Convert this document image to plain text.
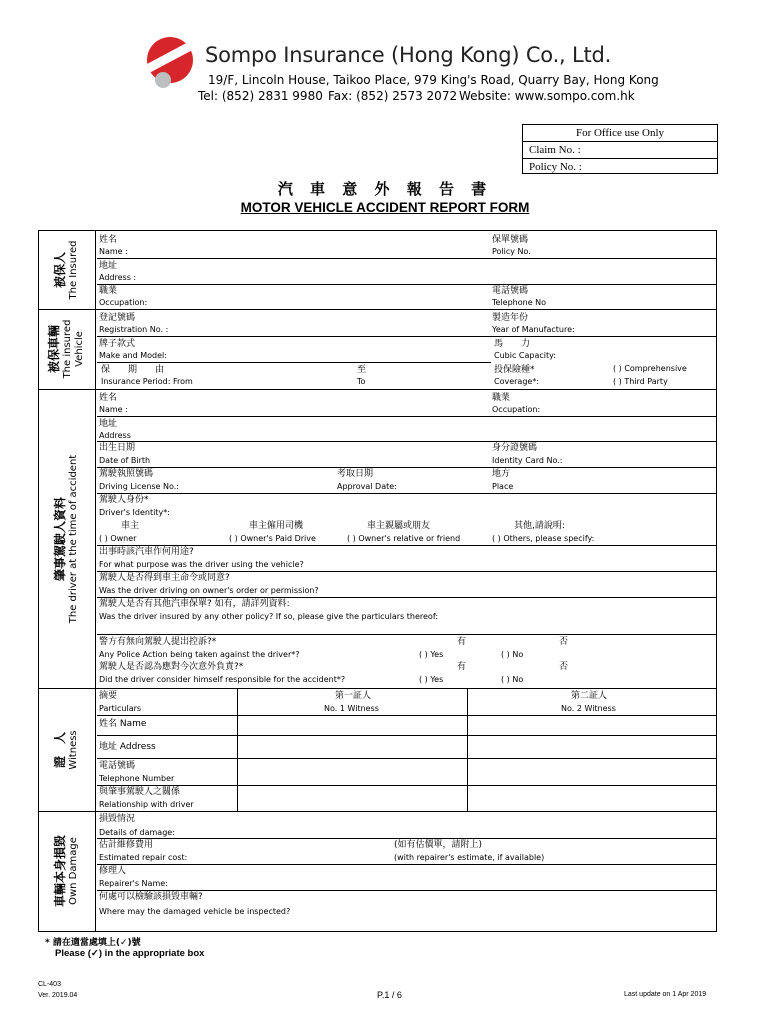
Sompo Insurance (Hong Kong) Co., Ltd.
19/F, Lincoln House, Taikoo Place, 979 King's Road, Quarry Bay, Hong Kong
Tel: (852) 2831 9980 Fax: (852) 2573 2072 Website: www.sompo.com.hk
For Office use Only
Claim No. :
Policy No. :
汽 車 意 外 報 告 書
MOTOR VEHICLE ACCIDENT REPORT FORM
被保人
The Insured
被保車輛
The insured
Vehicle
肇事駕駛人資料
The driver at the time of accident
證　人
Witness
車輛本身損毀
Own Damage
姓名
Name :
保單號碼
Policy No.
地址
Address :
職業
Occupation:
電話號碼
Telephone No
登記號碼
Registration No. :
製造年份
Year of Manufacture:
牌子款式
Make and Model:
馬　　力
Cubic Capacity:
保　　期　　由
Insurance Period: From
至
To
投保險種*
Coverage*:
( ) Comprehensive
( ) Third Party
姓名
Name :
職業
Occupation:
地址
Address
出生日期
Date of Birth
身分證號碼
Identity Card No.:
駕駛執照號碼
Driving License No.:
考取日期
Approval Date:
地方
Place
駕駛人身份*
Driver's Identity*:
車主
( ) Owner
車主僱用司機
( ) Owner's Paid Drive
車主親屬或朋友
( ) Owner's relative or friend
其他,請說明:
( ) Others, please specify:
出事時該汽車作何用途?
For what purpose was the driver using the vehicle?
駕駛人是否得到車主命令或同意?
Was the driver driving on owner's order or permission?
駕駛人是否有其他汽車保單? 如有，請詳列資料:
Was the driver insured by any other policy? If so, please give the particulars thereof:
警方有無向駕駛人提出控訴?*
Any Police Action being taken against the driver*?
有
( ) Yes
否
( ) No
駕駛人是否認為應對今次意外負責?*
Did the driver consider himself responsible for the accident*?
有
( ) Yes
否
( ) No
摘要
Particulars
第一証人
No. 1 Witness
第二証人
No. 2 Witness
姓名 Name
地址 Address
電話號碼
Telephone Number
與肇事駕駛人之關係
Relationship with driver
損毀情況
Details of damage:
估計維修費用
Estimated repair cost:
(如有估價單，請附上)
(with repairer's estimate, if available)
修理人
Repairer's Name:
何處可以檢驗該損毀車輛?
Where may the damaged vehicle be inspected?
* 請在適當處填上(✓)號
Please (✓) in the appropriate box
CL-403
Ver. 2019.04	P.1 / 6	Last update on 1 Apr 2019
